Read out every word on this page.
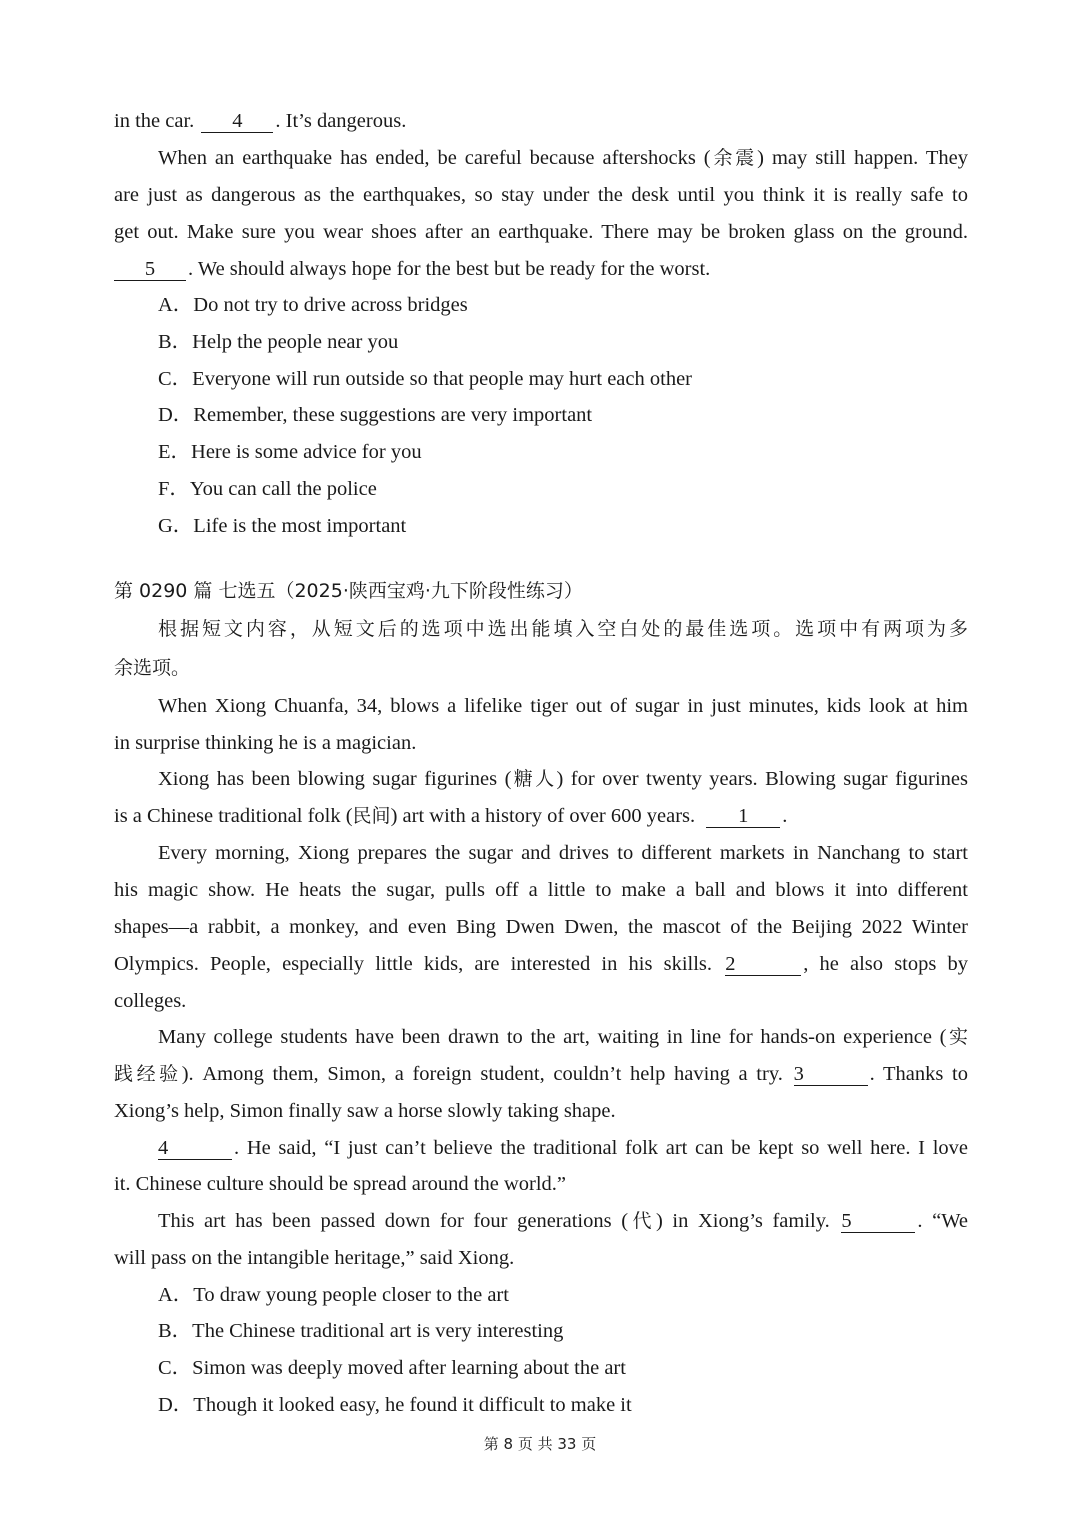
in the car. 4 . It’s dangerous.
When an earthquake has ended, be careful because aftershocks (余震) may still happen. They
are just as dangerous as the earthquakes, so stay under the desk until you think it is really safe to
get out. Make sure you wear shoes after an earthquake. There may be broken glass on the ground.
5 . We should always hope for the best but be ready for the worst.
A．Do not try to drive across bridges
B．Help the people near you
C．Everyone will run outside so that people may hurt each other
D．Remember, these suggestions are very important
E．Here is some advice for you
F．You can call the police
G．Life is the most important
第 0290 篇 七选五（2025·陕西宝鸡·九下阶段性练习）
根据短文内容，从短文后的选项中选出能填入空白处的最佳选项。选项中有两项为多
余选项。
When Xiong Chuanfa, 34, blows a lifelike tiger out of sugar in just minutes, kids look at him
in surprise thinking he is a magician.
Xiong has been blowing sugar figurines (糖人) for over twenty years. Blowing sugar figurines
is a Chinese traditional folk (民间) art with a history of over 600 years. 1 .
Every morning, Xiong prepares the sugar and drives to different markets in Nanchang to start
his magic show. He heats the sugar, pulls off a little to make a ball and blows it into different
shapes—a rabbit, a monkey, and even Bing Dwen Dwen, the mascot of the Beijing 2022 Winter
Olympics. People, especially little kids, are interested in his skills. 2	, he also stops by
colleges.
Many college students have been drawn to the art, waiting in line for hands-on experience (实
践经验). Among them, Simon, a foreign student, couldn’t help having a try. 3	. Thanks to
Xiong’s help, Simon finally saw a horse slowly taking shape.
4	. He said, “I just can’t believe the traditional folk art can be kept so well here. I love
it. Chinese culture should be spread around the world.”
This art has been passed down for four generations (代) in Xiong’s family. 5	. “We
will pass on the intangible heritage,” said Xiong.
A．To draw young people closer to the art
B．The Chinese traditional art is very interesting
C．Simon was deeply moved after learning about the art
D．Though it looked easy, he found it difficult to make it
第 8 页 共 33 页
